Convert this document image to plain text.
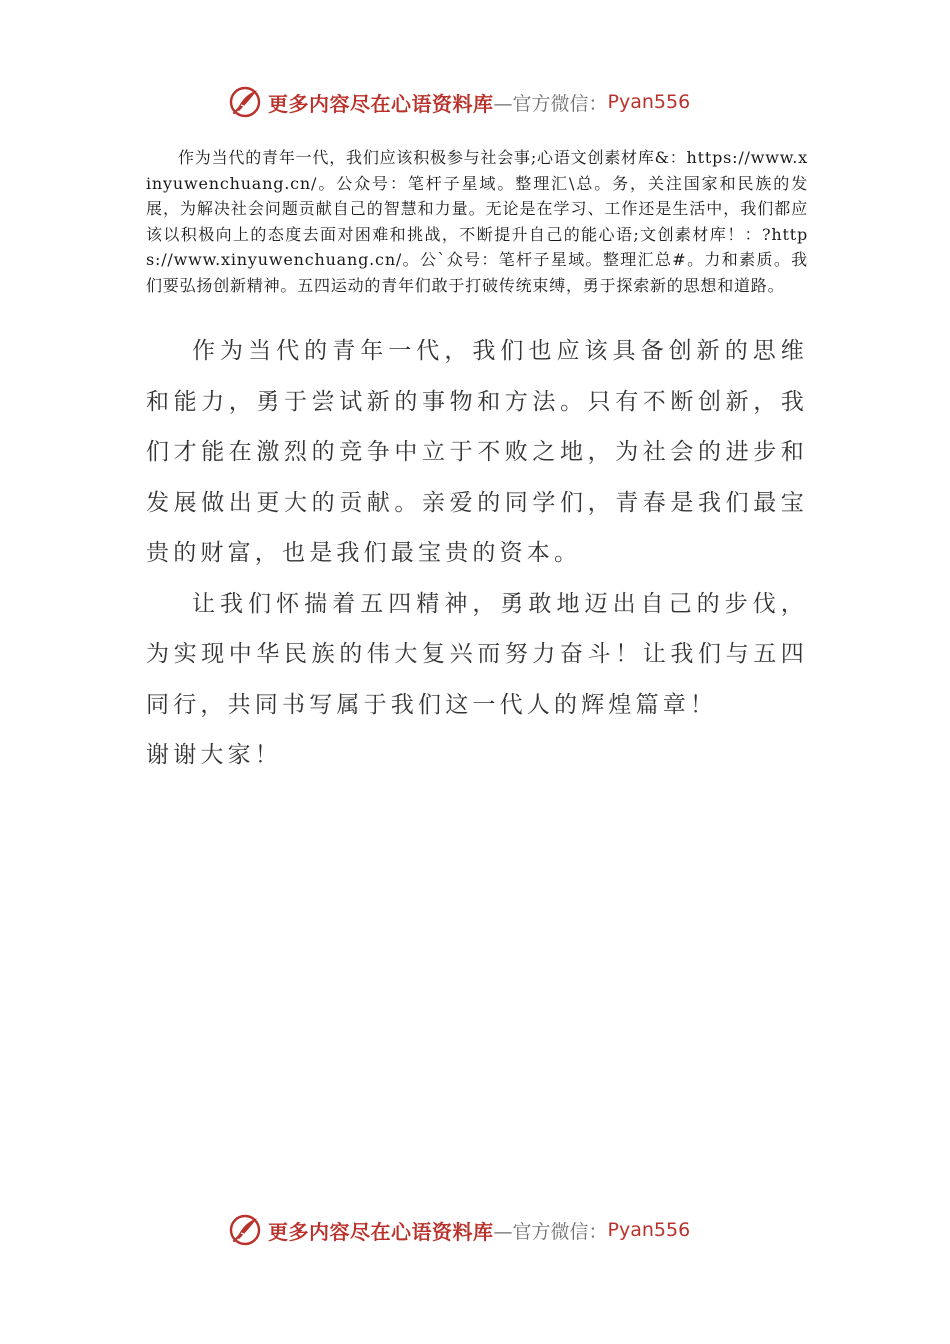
更多内容尽在心语资料库 —官方微信： Pyan556

作为当代的青年一代，我们应该积极参与社会事;心语文创素材库&：https://www.xinyuwenchuang.cn/。公众号：笔杆子星域。整理汇\总。务，关注国家和民族的发展，为解决社会问题贡献自己的智慧和力量。无论是在学习、工作还是生活中，我们都应该以积极向上的态度去面对困难和挑战，不断提升自己的能心语;文创素材库！：?https://www.xinyuwenchuang.cn/。公`众号：笔杆子星域。整理汇总#。力和素质。我们要弘扬创新精神。五四运动的青年们敢于打破传统束缚，勇于探索新的思想和道路。

作为当代的青年一代，我们也应该具备创新的思维和能力，勇于尝试新的事物和方法。只有不断创新，我们才能在激烈的竞争中立于不败之地，为社会的进步和发展做出更大的贡献。亲爱的同学们，青春是我们最宝贵的财富，也是我们最宝贵的资本。

让我们怀揣着五四精神，勇敢地迈出自己的步伐，为实现中华民族的伟大复兴而努力奋斗！让我们与五四同行，共同书写属于我们这一代人的辉煌篇章！

谢谢大家！

更多内容尽在心语资料库 —官方微信： Pyan556
